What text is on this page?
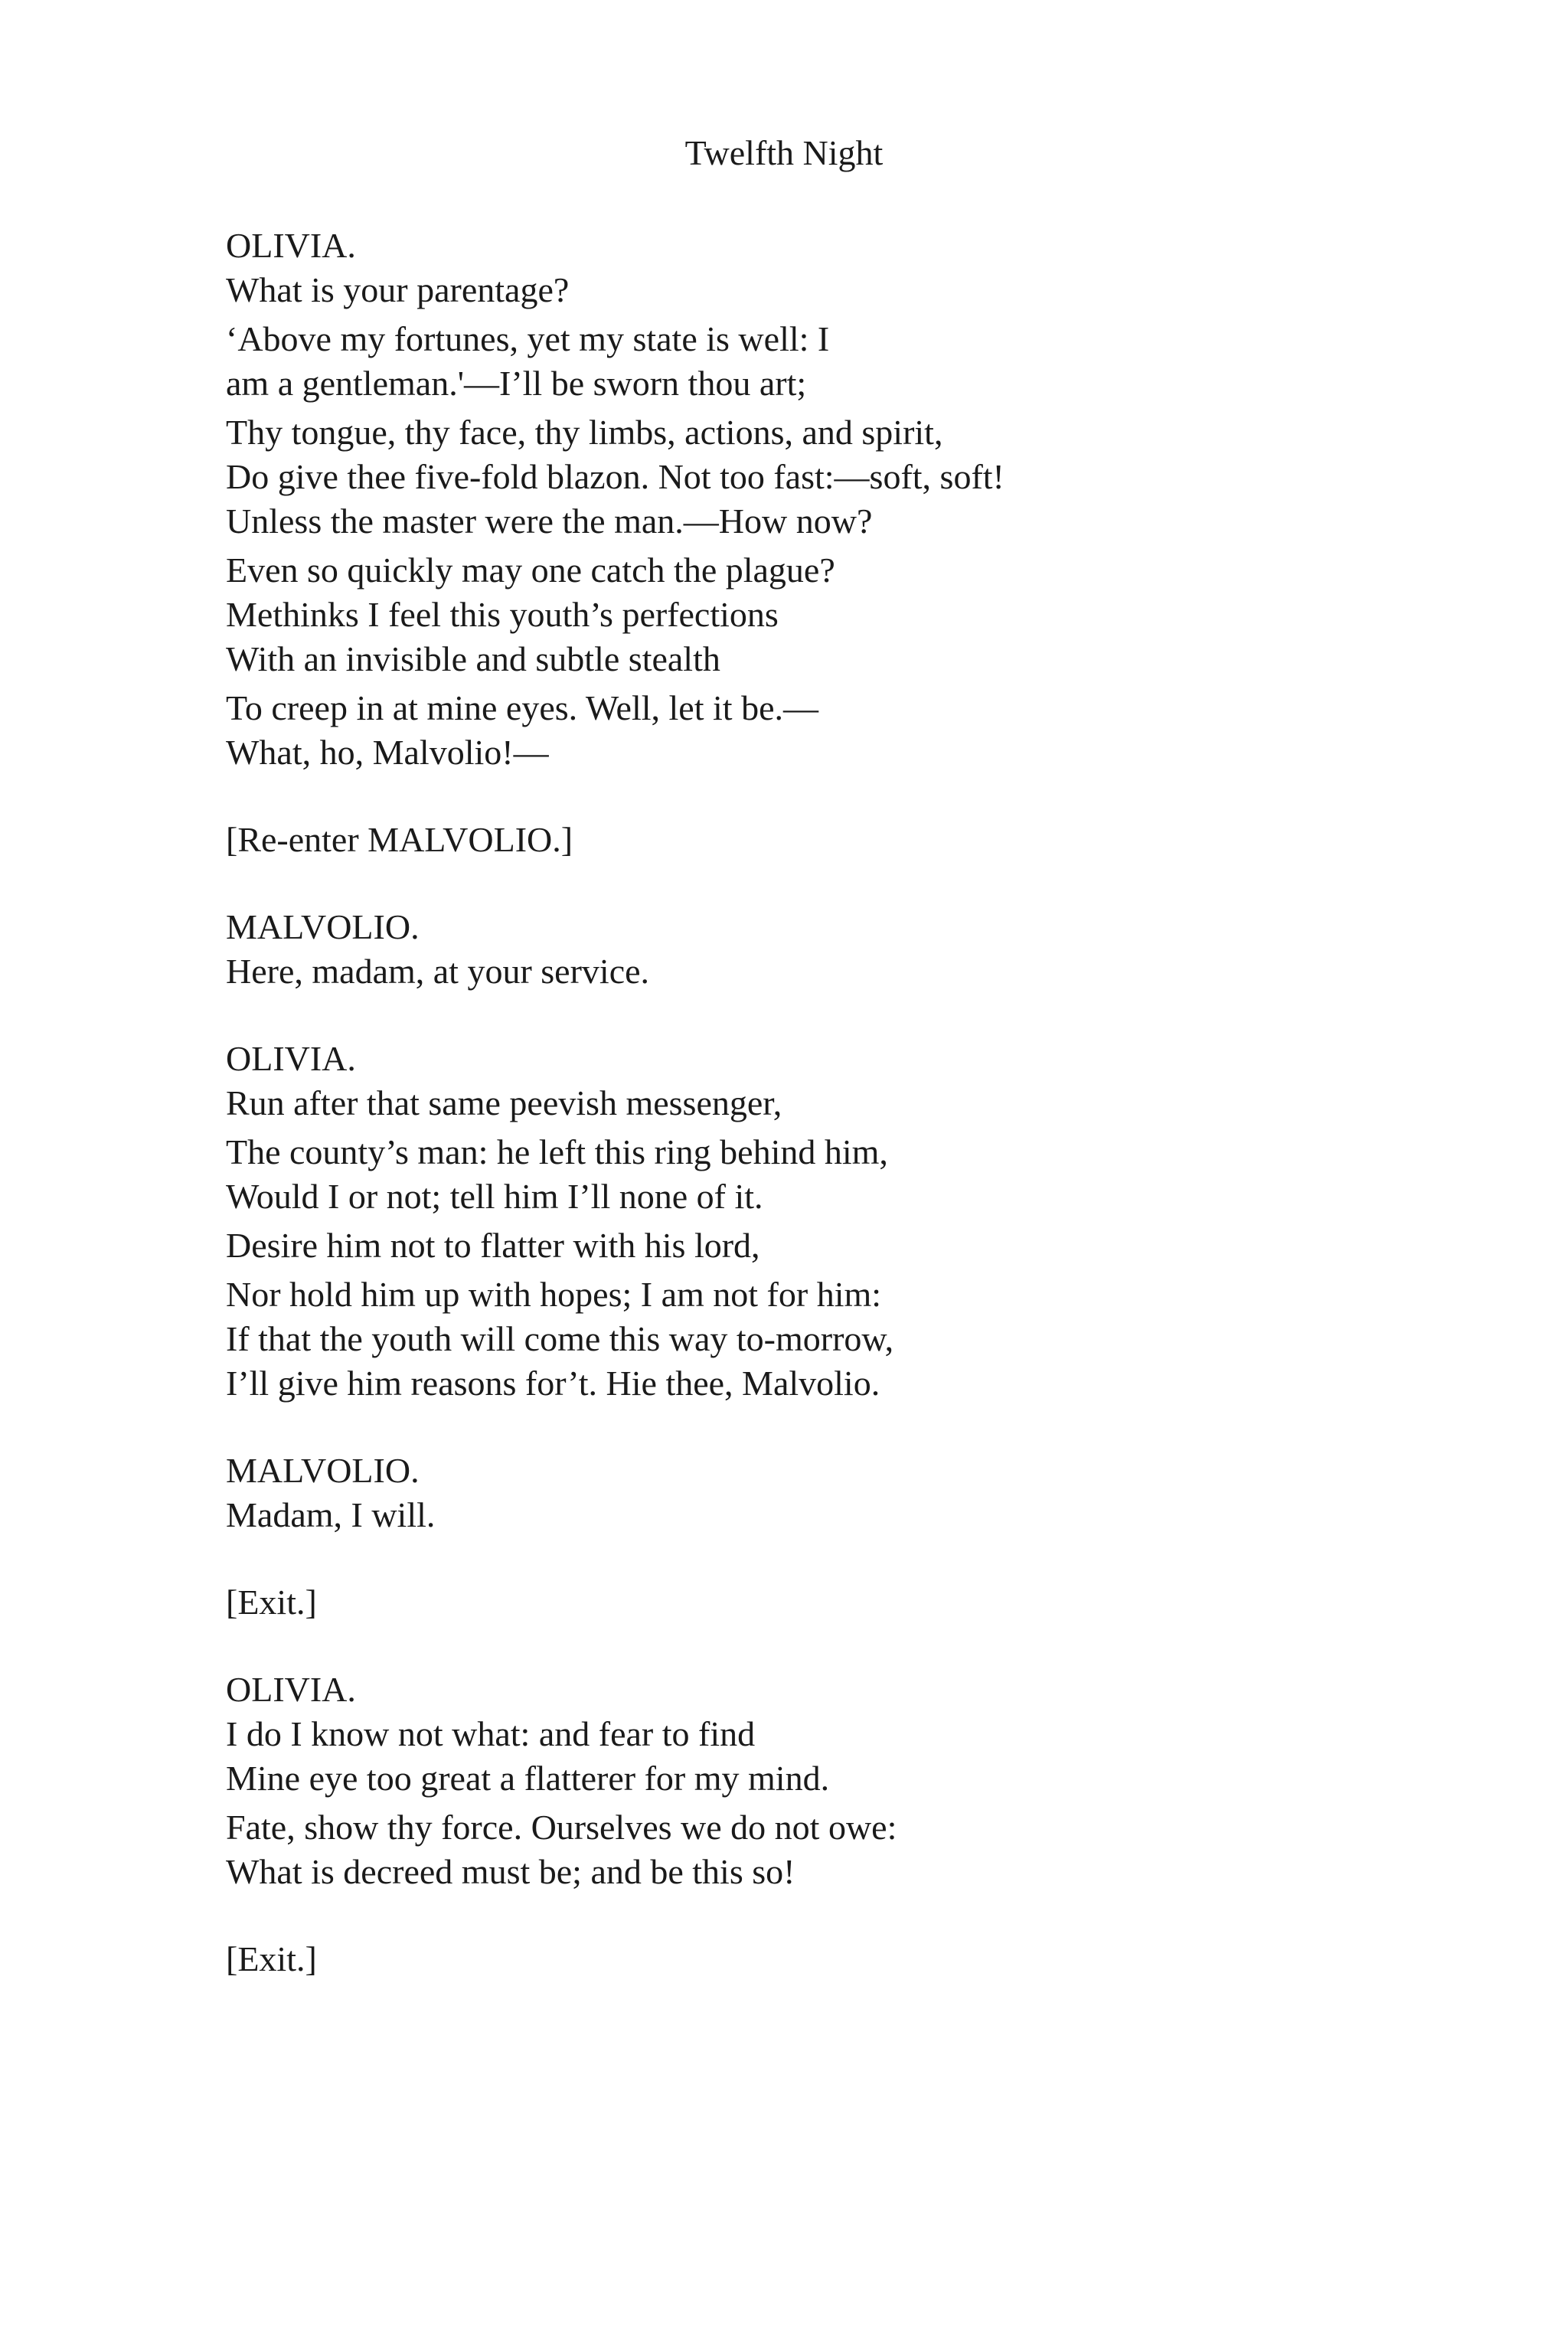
Twelfth Night
OLIVIA.
What is your parentage?
‘Above my fortunes, yet my state is well: I
am a gentleman.'—I’ll be sworn thou art;
Thy tongue, thy face, thy limbs, actions, and spirit,
Do give thee five-fold blazon. Not too fast:—soft, soft!
Unless the master were the man.—How now?
Even so quickly may one catch the plague?
Methinks I feel this youth’s perfections
With an invisible and subtle stealth
To creep in at mine eyes. Well, let it be.—
What, ho, Malvolio!—
[Re-enter MALVOLIO.]
MALVOLIO.
Here, madam, at your service.
OLIVIA.
Run after that same peevish messenger,
The county’s man: he left this ring behind him,
Would I or not; tell him I’ll none of it.
Desire him not to flatter with his lord,
Nor hold him up with hopes; I am not for him:
If that the youth will come this way to-morrow,
I’ll give him reasons for’t. Hie thee, Malvolio.
MALVOLIO.
Madam, I will.
[Exit.]
OLIVIA.
I do I know not what: and fear to find
Mine eye too great a flatterer for my mind.
Fate, show thy force. Ourselves we do not owe:
What is decreed must be; and be this so!
[Exit.]
